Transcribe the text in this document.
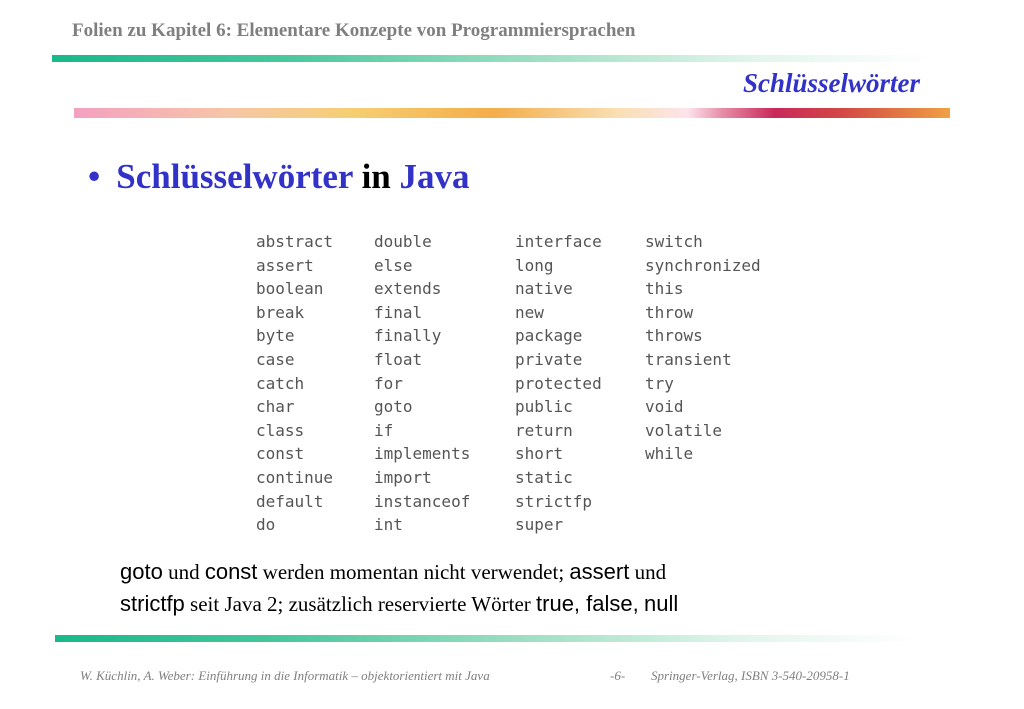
Folien zu Kapitel 6: Elementare Konzepte von Programmiersprachen
Schlüsselwörter
• Schlüsselwörter in Java
abstract
assert
boolean
break
byte
case
catch
char
class
const
continue
default
do
double
else
extends
final
finally
float
for
goto
if
implements
import
instanceof
int
interface
long
native
new
package
private
protected
public
return
short
static
strictfp
super
switch
synchronized
this
throw
throws
transient
try
void
volatile
while
goto und const werden momentan nicht verwendet; assert und
strictfp seit Java 2; zusätzlich reservierte Wörter true, false, null
W. Küchlin, A. Weber: Einführung in die Informatik – objektorientiert mit Java	-6- Springer-Verlag, ISBN 3-540-20958-1
